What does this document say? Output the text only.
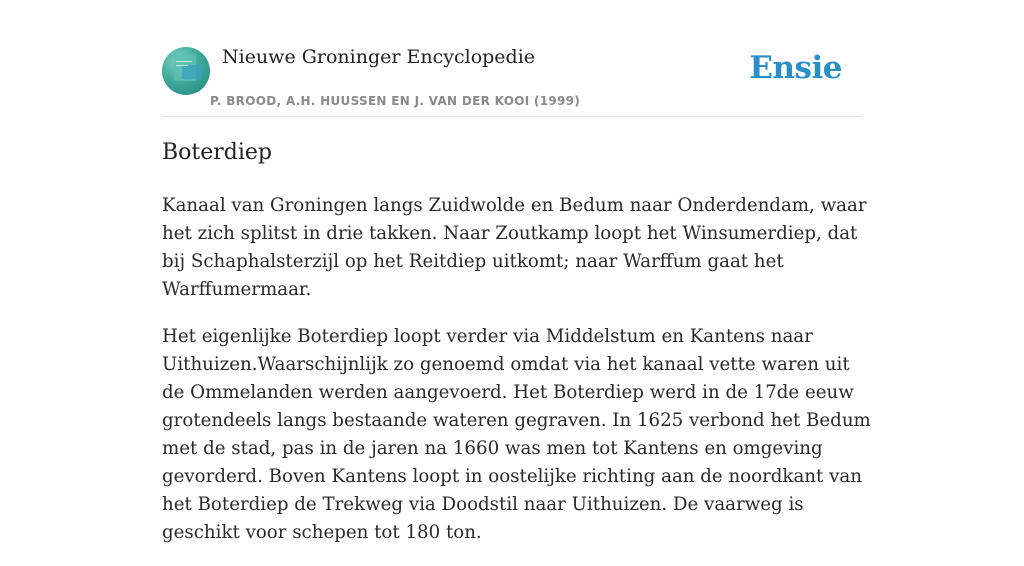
Nieuwe Groninger Encyclopedie
P. BROOD, A.H. HUUSSEN EN J. VAN DER KOOI (1999)
Ensie
Boterdiep

Kanaal van Groningen langs Zuidwolde en Bedum naar Onderdendam, waar het zich splitst in drie takken. Naar Zoutkamp loopt het Winsumerdiep, dat bij Schaphalsterzijl op het Reitdiep uitkomt; naar Warffum gaat het Warffumermaar.

Het eigenlijke Boterdiep loopt verder via Middelstum en Kantens naar Uithuizen.Waarschijnlijk zo genoemd omdat via het kanaal vette waren uit de Ommelanden werden aangevoerd. Het Boterdiep werd in de 17de eeuw grotendeels langs bestaande wateren gegraven. In 1625 verbond het Bedum met de stad, pas in de jaren na 1660 was men tot Kantens en omgeving gevorderd. Boven Kantens loopt in oostelijke richting aan de noordkant van het Boterdiep de Trekweg via Doodstil naar Uithuizen. De vaarweg is geschikt voor schepen tot 180 ton.
